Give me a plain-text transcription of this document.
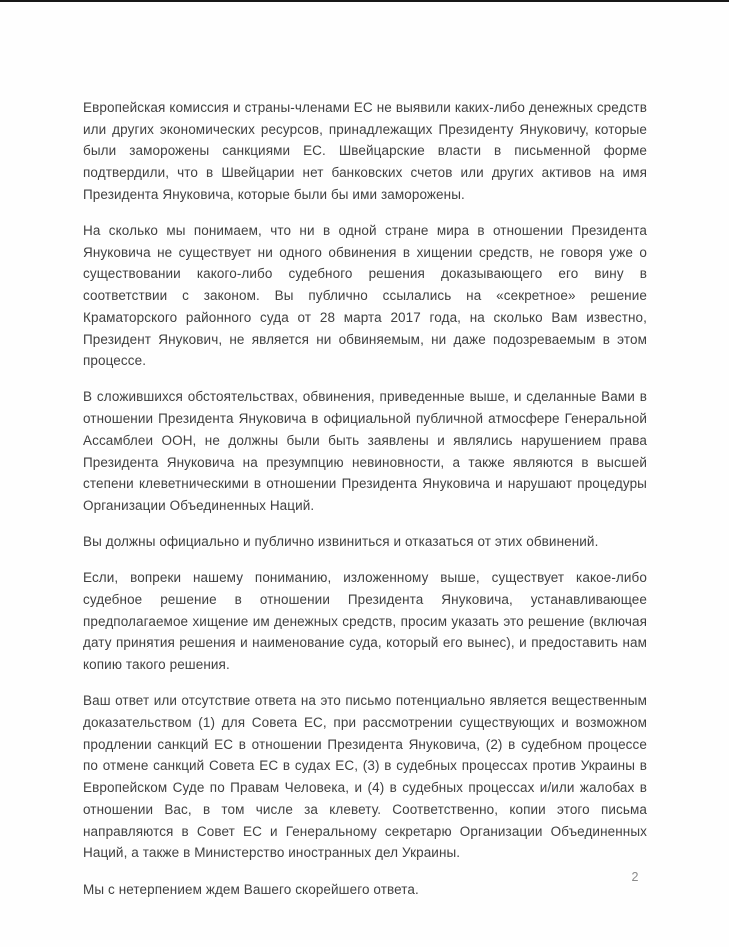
Европейская комиссия и страны-членами ЕС не выявили каких-либо денежных средств или других экономических ресурсов, принадлежащих Президенту Януковичу, которые были заморожены санкциями ЕС. Швейцарские власти в письменной форме подтвердили, что в Швейцарии нет банковских счетов или других активов на имя Президента Януковича, которые были бы ими заморожены.

На сколько мы понимаем, что ни в одной стране мира в отношении Президента Януковича не существует ни одного обвинения в хищении средств, не говоря уже о существовании какого-либо судебного решения доказывающего его вину в соответствии с законом. Вы публично ссылались на «секретное» решение Краматорского районного суда от 28 марта 2017 года, на сколько Вам известно, Президент Янукович, не является ни обвиняемым, ни даже подозреваемым в этом процессе.

В сложившихся обстоятельствах, обвинения, приведенные выше, и сделанные Вами в отношении Президента Януковича в официальной публичной атмосфере Генеральной Ассамблеи ООН, не должны были быть заявлены и являлись нарушением права Президента Януковича на презумпцию невиновности, а также являются в высшей степени клеветническими в отношении Президента Януковича и нарушают процедуры Организации Объединенных Наций.

Вы должны официально и публично извиниться и отказаться от этих обвинений.

Если, вопреки нашему пониманию, изложенному выше, существует какое-либо судебное решение в отношении Президента Януковича, устанавливающее предполагаемое хищение им денежных средств, просим указать это решение (включая дату принятия решения и наименование суда, который его вынес), и предоставить нам копию такого решения.

Ваш ответ или отсутствие ответа на это письмо потенциально является вещественным доказательством (1) для Совета ЕС, при рассмотрении существующих и возможном продлении санкций ЕС в отношении Президента Януковича, (2) в судебном процессе по отмене санкций Совета ЕС в судах ЕС, (3) в судебных процессах против Украины в Европейском Суде по Правам Человека, и (4) в судебных процессах и/или жалобах в отношении Вас, в том числе за клевету. Соответственно, копии этого письма направляются в Совет ЕС и Генеральному секретарю Организации Объединенных Наций, а также в Министерство иностранных дел Украины.

Мы с нетерпением ждем Вашего скорейшего ответа.

2
